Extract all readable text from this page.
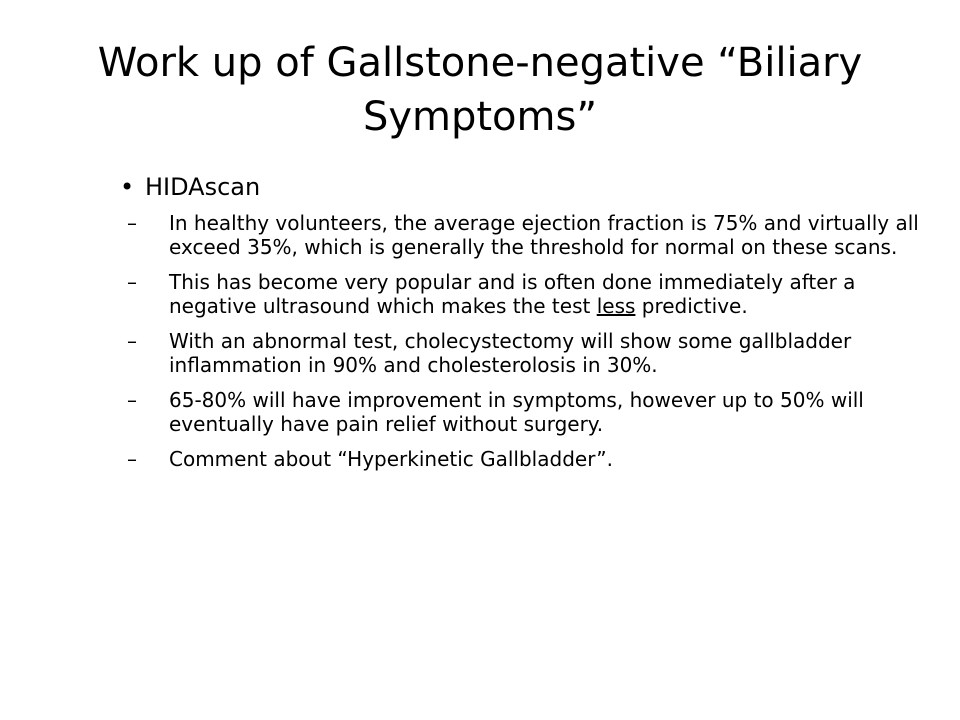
Work up of Gallstone-negative “Biliary Symptoms”
• HIDAscan
– In healthy volunteers, the average ejection fraction is 75% and virtually all exceed 35%, which is generally the threshold for normal on these scans.
– This has become very popular and is often done immediately after a negative ultrasound which makes the test less predictive.
– With an abnormal test, cholecystectomy will show some gallbladder inflammation in 90% and cholesterolosis in 30%.
– 65-80% will have improvement in symptoms, however up to 50% will eventually have pain relief without surgery.
– Comment about “Hyperkinetic Gallbladder”.
